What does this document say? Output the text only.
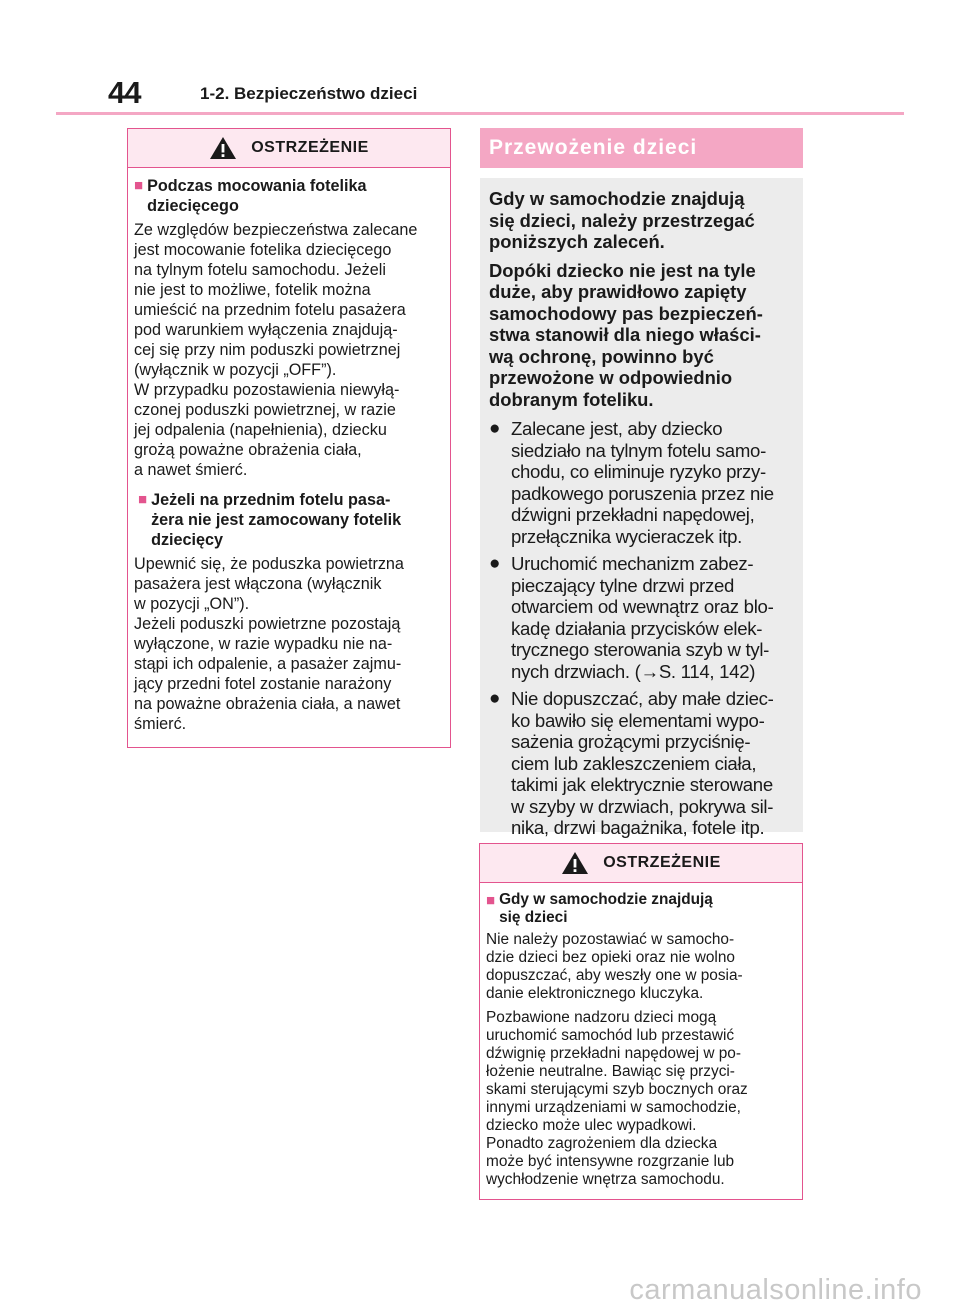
44	1-2. Bezpieczeństwo dzieci
OSTRZEŻENIE
■ Podczas mocowania fotelika
dziecięcego

Ze względów bezpieczeństwa zalecane
jest mocowanie fotelika dziecięcego
na tylnym fotelu samochodu. Jeżeli
nie jest to możliwe, fotelik można
umieścić na przednim fotelu pasażera
pod warunkiem wyłączenia znajdują-
cej się przy nim poduszki powietrznej
(wyłącznik w pozycji „OFF”).
W przypadku pozostawienia niewyłą-
czonej poduszki powietrznej, w razie
jej odpalenia (napełnienia), dziecku
grożą poważne obrażenia ciała,
a nawet śmierć.

■ Jeżeli na przednim fotelu pasa-
żera nie jest zamocowany fotelik
dziecięcy

Upewnić się, że poduszka powietrzna
pasażera jest włączona (wyłącznik
w pozycji „ON”).
Jeżeli poduszki powietrzne pozostają
wyłączone, w razie wypadku nie na-
stąpi ich odpalenie, a pasażer zajmu-
jący przedni fotel zostanie narażony
na poważne obrażenia ciała, a nawet
śmierć.

Przewożenie dzieci

Gdy w samochodzie znajdują
się dzieci, należy przestrzegać
poniższych zaleceń.

Dopóki dziecko nie jest na tyle
duże, aby prawidłowo zapięty
samochodowy pas bezpieczeń-
stwa stanowił dla niego właści-
wą ochronę, powinno być
przewożone w odpowiednio
dobranym foteliku.

● Zalecane jest, aby dziecko
siedziało na tylnym fotelu samo-
chodu, co eliminuje ryzyko przy-
padkowego poruszenia przez nie
dźwigni przekładni napędowej,
przełącznika wycieraczek itp.
● Uruchomić mechanizm zabez-
pieczający tylne drzwi przed
otwarciem od wewnątrz oraz blo-
kadę działania przycisków elek-
trycznego sterowania szyb w tyl-
nych drzwiach. (→S. 114, 142)
● Nie dopuszczać, aby małe dziec-
ko bawiło się elementami wypo-
sażenia grożącymi przyciśnię-
ciem lub zakleszczeniem ciała,
takimi jak elektrycznie sterowane
w szyby w drzwiach, pokrywa sil-
nika, drzwi bagażnika, fotele itp.
OSTRZEŻENIE
■ Gdy w samochodzie znajdują
się dzieci

Nie należy pozostawiać w samocho-
dzie dzieci bez opieki oraz nie wolno
dopuszczać, aby weszły one w posia-
danie elektronicznego kluczyka.

Pozbawione nadzoru dzieci mogą
uruchomić samochód lub przestawić
dźwignię przekładni napędowej w po-
łożenie neutralne. Bawiąc się przyci-
skami sterującymi szyb bocznych oraz
innymi urządzeniami w samochodzie,
dziecko może ulec wypadkowi.
Ponadto zagrożeniem dla dziecka
może być intensywne rozgrzanie lub
wychłodzenie wnętrza samochodu.

carmanualsonline.info
